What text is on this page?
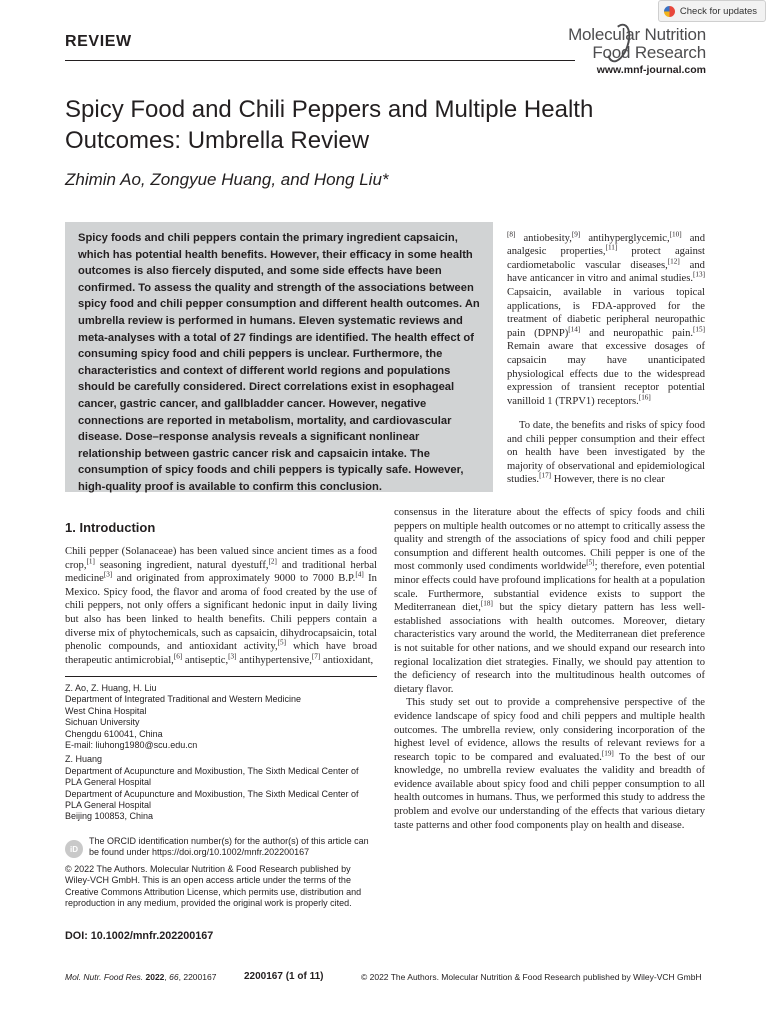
Check for updates
REVIEW	Molecular Nutrition
Food Research
www.mnf-journal.com
Spicy Food and Chili Peppers and Multiple Health Outcomes: Umbrella Review
Zhimin Ao, Zongyue Huang, and Hong Liu*
Spicy foods and chili peppers contain the primary ingredient capsaicin, which has potential health benefits. However, their efficacy in some health outcomes is also fiercely disputed, and some side effects have been confirmed. To assess the quality and strength of the associations between spicy food and chili pepper consumption and different health outcomes. An umbrella review is performed in humans. Eleven systematic reviews and meta-analyses with a total of 27 findings are identified. The health effect of consuming spicy food and chili peppers is unclear. Furthermore, the characteristics and context of different world regions and populations should be carefully considered. Direct correlations exist in esophageal cancer, gastric cancer, and gallbladder cancer. However, negative connections are reported in metabolism, mortality, and cardiovascular disease. Dose–response analysis reveals a significant nonlinear relationship between gastric cancer risk and capsaicin intake. The consumption of spicy foods and chili peppers is typically safe. However, high-quality proof is available to confirm this conclusion.

[8] antiobesity,[9] antihyperglycemic,[10] and analgesic properties,[11] protect against cardiometabolic vascular diseases,[12] and have anticancer in vitro and animal studies.[13] Capsaicin, available in various topical applications, is FDA-approved for the treatment of diabetic peripheral neuropathic pain (DPNP)[14] and neuropathic pain.[15] Remain aware that excessive dosages of capsaicin may have unanticipated physiological effects due to the widespread expression of transient receptor potential vanilloid 1 (TRPV1) receptors.[16]

To date, the benefits and risks of spicy food and chili pepper consumption and their effect on health have been investigated by the majority of observational and epidemiological studies.[17] However, there is no clear

1. Introduction

Chili pepper (Solanaceae) has been valued since ancient times as a food crop,[1] seasoning ingredient, natural dyestuff,[2] and traditional herbal medicine[3] and originated from approximately 9000 to 7000 B.P.[4] In Mexico. Spicy food, the flavor and aroma of food created by the use of chili peppers, not only offers a significant hedonic input in daily living but also has been linked to health benefits. Chili peppers contain a diverse mix of phytochemicals, such as capsaicin, dihydrocapsaicin, total phenolic compounds, and antioxidant activity,[5] which have broad therapeutic antimicrobial,[6] antiseptic,[3] antihypertensive,[7] antioxidant,

consensus in the literature about the effects of spicy foods and chili peppers on multiple health outcomes or no attempt to critically assess the quality and strength of the associations of spicy food and chili pepper consumption and different health outcomes. Chili pepper is one of the most commonly used condiments worldwide[5]; therefore, even potential minor effects could have profound implications for health at a population scale. Furthermore, substantial evidence exists to support the Mediterranean diet,[18] but the spicy dietary pattern has less well-established associations with health outcomes. Moreover, dietary characteristics vary around the world, the Mediterranean diet preference is not suitable for other nations, and we should expand our research into regional localization diet strategies. Finally, we should pay attention to the deficiency of research into the multitudinous health outcomes of dietary flavor.

This study set out to provide a comprehensive perspective of the evidence landscape of spicy food and chili peppers and multiple health outcomes. The umbrella review, only considering incorporation of the highest level of evidence, allows the results of relevant reviews for a research topic to be compared and evaluated.[19] To the best of our knowledge, no umbrella review evaluates the validity and breadth of evidence available about spicy food and chili pepper consumption to all health outcomes in humans. Thus, we performed this study to address the problem and evolve our understanding of the effects that various dietary taste patterns and other food components play on health and disease.

Z. Ao, Z. Huang, H. Liu
Department of Integrated Traditional and Western Medicine
West China Hospital
Sichuan University
Chengdu 610041, China
E-mail: liuhong1980@scu.edu.cn
Z. Huang
Department of Acupuncture and Moxibustion, The Sixth Medical Center of PLA General Hospital
Department of Acupuncture and Moxibustion, The Sixth Medical Center of PLA General Hospital
Beijing 100853, China
iD
The ORCID identification number(s) for the author(s) of this article can be found under https://doi.org/10.1002/mnfr.202200167
© 2022 The Authors. Molecular Nutrition & Food Research published by Wiley-VCH GmbH. This is an open access article under the terms of the Creative Commons Attribution License, which permits use, distribution and reproduction in any medium, provided the original work is properly cited.
DOI: 10.1002/mnfr.202200167
Mol. Nutr. Food Res. 2022, 66, 2200167	2200167 (1 of 11)	© 2022 The Authors. Molecular Nutrition & Food Research published by Wiley-VCH GmbH
